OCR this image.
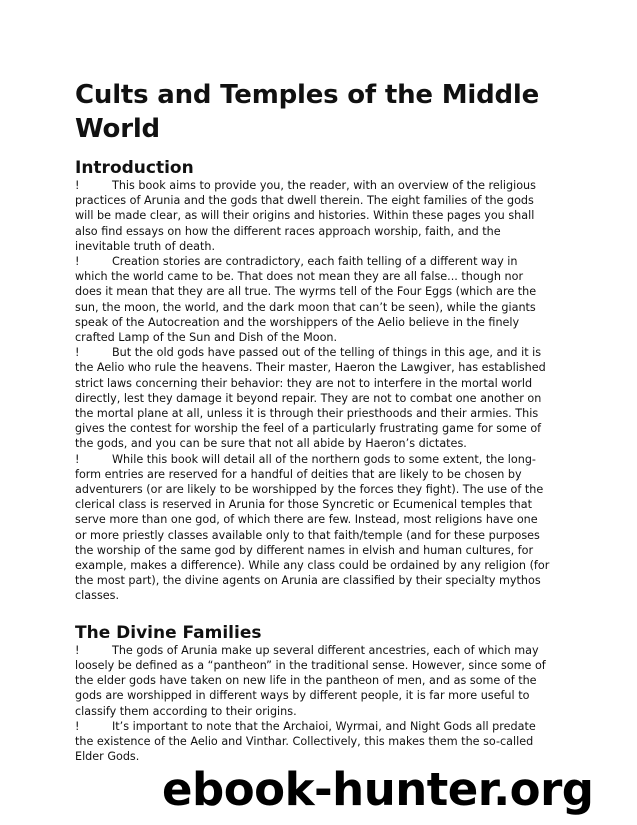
Cults and Temples of the Middle World
Introduction

!	This book aims to provide you, the reader, with an overview of the religious practices of Arunia and the gods that dwell therein. The eight families of the gods will be made clear, as will their origins and histories. Within these pages you shall also find essays on how the different races approach worship, faith, and the inevitable truth of death.

!	Creation stories are contradictory, each faith telling of a different way in which the world came to be. That does not mean they are all false... though nor does it mean that they are all true. The wyrms tell of the Four Eggs (which are the sun, the moon, the world, and the dark moon that can’t be seen), while the giants speak of the Autocreation and the worshippers of the Aelio believe in the finely crafted Lamp of the Sun and Dish of the Moon.

!	But the old gods have passed out of the telling of things in this age, and it is the Aelio who rule the heavens. Their master, Haeron the Lawgiver, has established strict laws concerning their behavior: they are not to interfere in the mortal world directly, lest they damage it beyond repair. They are not to combat one another on the mortal plane at all, unless it is through their priesthoods and their armies. This gives the contest for worship the feel of a particularly frustrating game for some of the gods, and you can be sure that not all abide by Haeron’s dictates.

!	While this book will detail all of the northern gods to some extent, the long-form entries are reserved for a handful of deities that are likely to be chosen by adventurers (or are likely to be worshipped by the forces they fight). The use of the clerical class is reserved in Arunia for those Syncretic or Ecumenical temples that serve more than one god, of which there are few. Instead, most religions have one or more priestly classes available only to that faith/temple (and for these purposes the worship of the same god by different names in elvish and human cultures, for example, makes a difference). While any class could be ordained by any religion (for the most part), the divine agents on Arunia are classified by their specialty mythos classes.

The Divine Families

!	The gods of Arunia make up several different ancestries, each of which may loosely be defined as a “pantheon” in the traditional sense. However, since some of the elder gods have taken on new life in the pantheon of men, and as some of the gods are worshipped in different ways by different people, it is far more useful to classify them according to their origins.

!	It’s important to note that the Archaioi, Wyrmai, and Night Gods all predate the existence of the Aelio and Vinthar. Collectively, this makes them the so-called Elder Gods.

ebook-hunter.org
